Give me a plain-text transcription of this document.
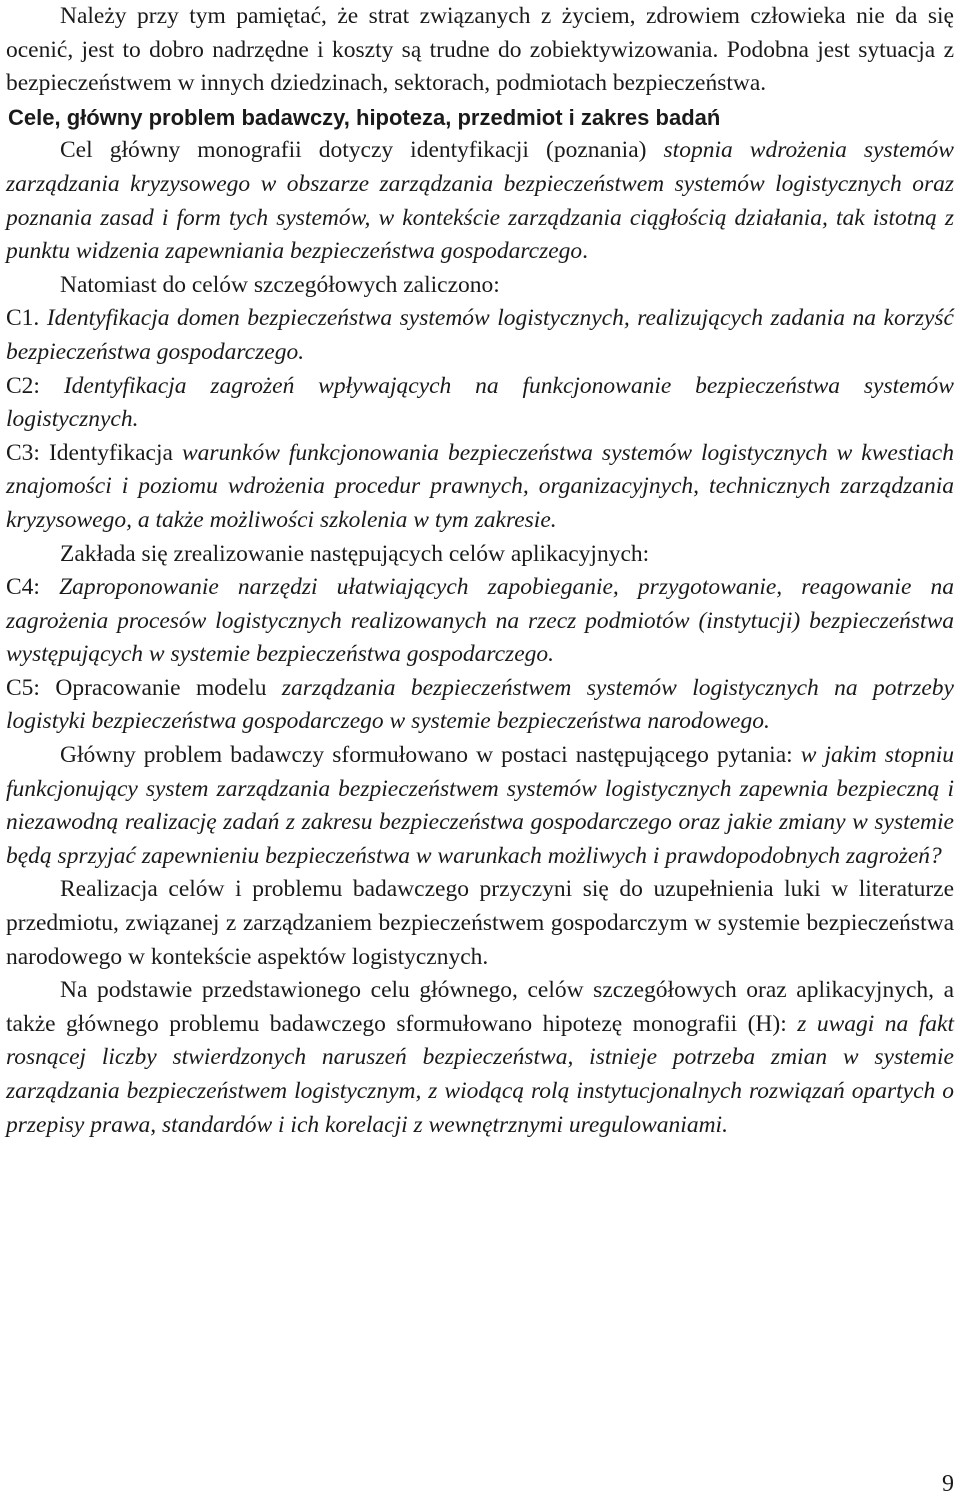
Należy przy tym pamiętać, że strat związanych z życiem, zdrowiem człowieka nie da się ocenić, jest to dobro nadrzędne i koszty są trudne do zobiektywizowania. Podobna jest sytuacja z bezpieczeństwem w innych dziedzinach, sektorach, podmiotach bezpieczeństwa.

Cele, główny problem badawczy, hipoteza, przedmiot i zakres badań

Cel główny monografii dotyczy identyfikacji (poznania) stopnia wdrożenia systemów zarządzania kryzysowego w obszarze zarządzania bezpieczeństwem systemów logistycznych oraz poznania zasad i form tych systemów, w kontekście zarządzania ciągłością działania, tak istotną z punktu widzenia zapewniania bezpieczeństwa gospodarczego.

Natomiast do celów szczegółowych zaliczono:

C1. Identyfikacja domen bezpieczeństwa systemów logistycznych, realizujących zadania na korzyść bezpieczeństwa gospodarczego.

C2: Identyfikacja zagrożeń wpływających na funkcjonowanie bezpieczeństwa systemów logistycznych.

C3: Identyfikacja warunków funkcjonowania bezpieczeństwa systemów logistycznych w kwestiach znajomości i poziomu wdrożenia procedur prawnych, organizacyjnych, technicznych zarządzania kryzysowego, a także możliwości szkolenia w tym zakresie.

Zakłada się zrealizowanie następujących celów aplikacyjnych:

C4: Zaproponowanie narzędzi ułatwiających zapobieganie, przygotowanie, reagowanie na zagrożenia procesów logistycznych realizowanych na rzecz podmiotów (instytucji) bezpieczeństwa występujących w systemie bezpieczeństwa gospodarczego.

C5: Opracowanie modelu zarządzania bezpieczeństwem systemów logistycznych na potrzeby logistyki bezpieczeństwa gospodarczego w systemie bezpieczeństwa narodowego.

Główny problem badawczy sformułowano w postaci następującego pytania: w jakim stopniu funkcjonujący system zarządzania bezpieczeństwem systemów logistycznych zapewnia bezpieczną i niezawodną realizację zadań z zakresu bezpieczeństwa gospodarczego oraz jakie zmiany w systemie będą sprzyjać zapewnieniu bezpieczeństwa w warunkach możliwych i prawdopodobnych zagrożeń?

Realizacja celów i problemu badawczego przyczyni się do uzupełnienia luki w literaturze przedmiotu, związanej z zarządzaniem bezpieczeństwem gospodarczym w systemie bezpieczeństwa narodowego w kontekście aspektów logistycznych.

Na podstawie przedstawionego celu głównego, celów szczegółowych oraz aplikacyjnych, a także głównego problemu badawczego sformułowano hipotezę monografii (H): z uwagi na fakt rosnącej liczby stwierdzonych naruszeń bezpieczeństwa, istnieje potrzeba zmian w systemie zarządzania bezpieczeństwem logistycznym, z wiodącą rolą instytucjonalnych rozwiązań opartych o przepisy prawa, standardów i ich korelacji z wewnętrznymi uregulowaniami.

9
